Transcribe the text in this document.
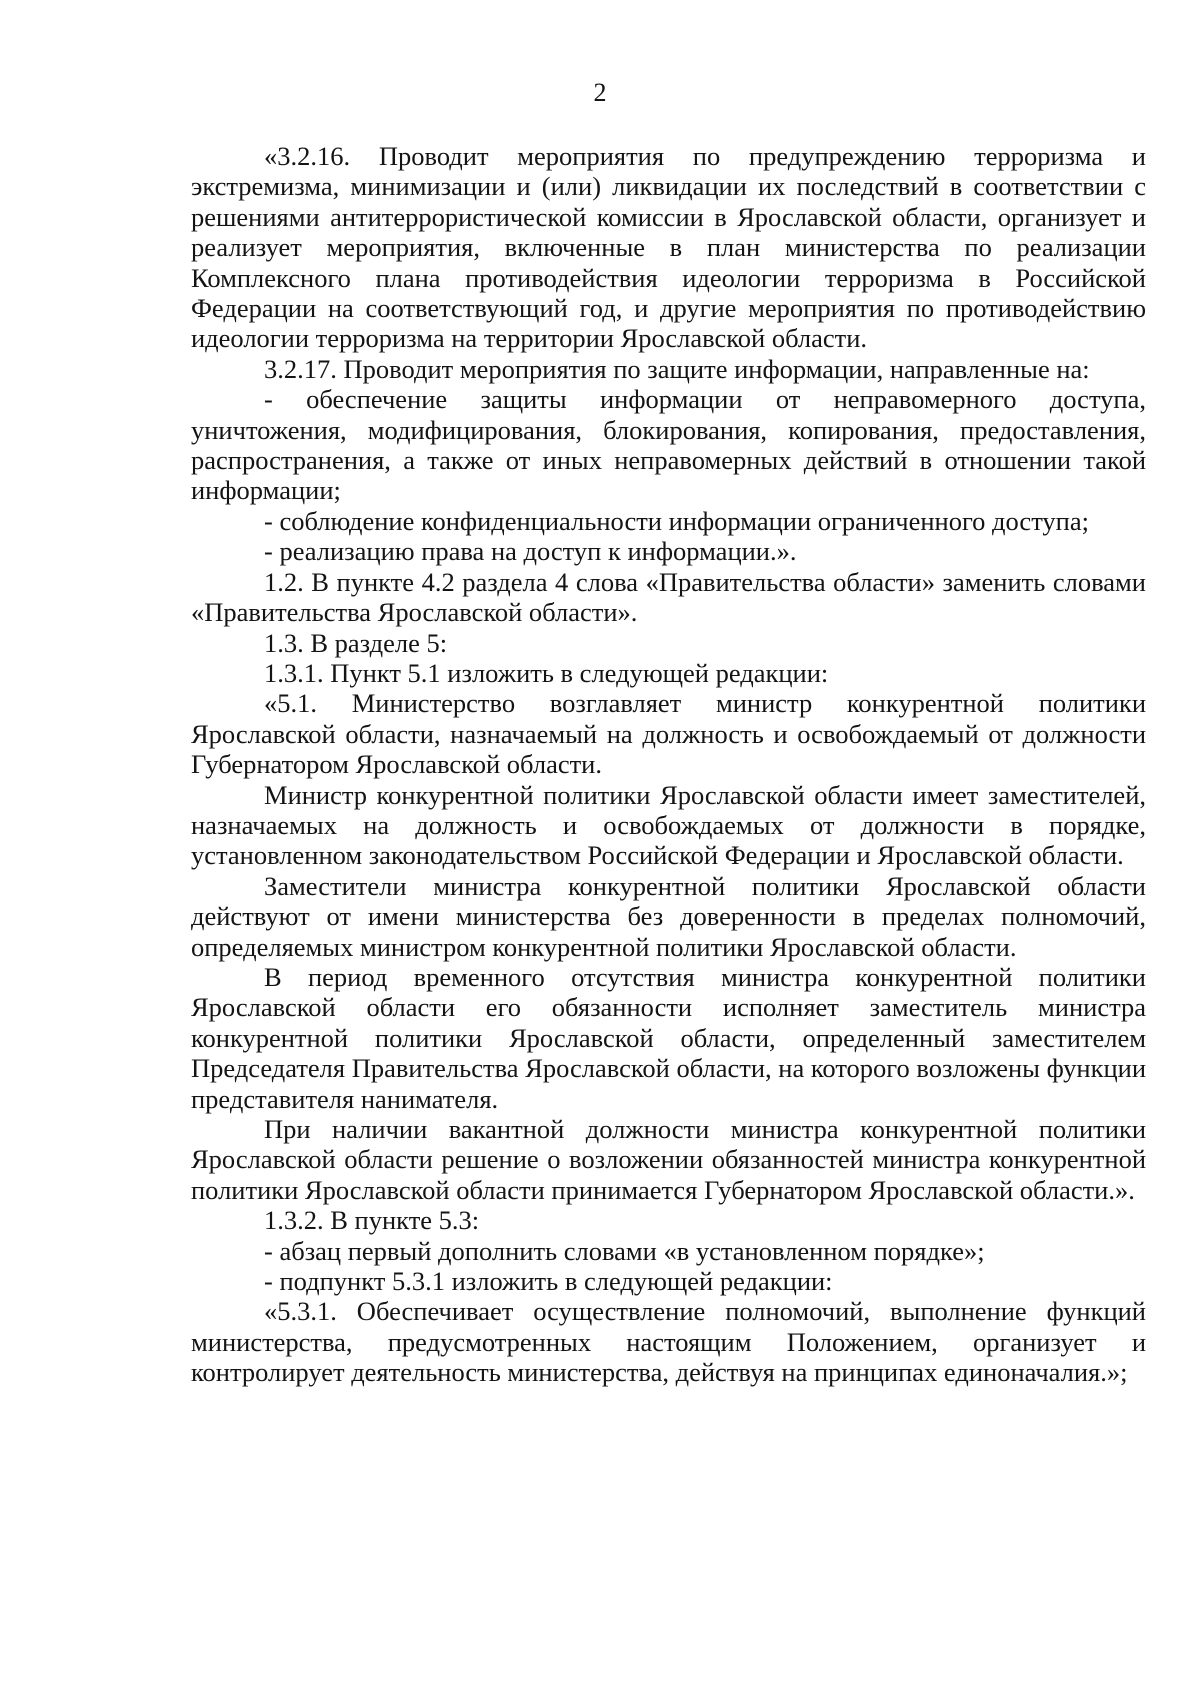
2

«3.2.16. Проводит мероприятия по предупреждению терроризма и экстремизма, минимизации и (или) ликвидации их последствий в соответствии с решениями антитеррористической комиссии в Ярославской области, организует и реализует мероприятия, включенные в план министерства по реализации Комплексного плана противодействия идеологии терроризма в Российской Федерации на соответствующий год, и другие мероприятия по противодействию идеологии терроризма на территории Ярославской области.

3.2.17. Проводит мероприятия по защите информации, направленные на:

- обеспечение защиты информации от неправомерного доступа, уничтожения, модифицирования, блокирования, копирования, предоставления, распространения, а также от иных неправомерных действий в отношении такой информации;

- соблюдение конфиденциальности информации ограниченного доступа;

- реализацию права на доступ к информации.».

1.2. В пункте 4.2 раздела 4 слова «Правительства области» заменить словами «Правительства Ярославской области».

1.3. В разделе 5:

1.3.1. Пункт 5.1 изложить в следующей редакции:

«5.1. Министерство возглавляет министр конкурентной политики Ярославской области, назначаемый на должность и освобождаемый от должности Губернатором Ярославской области.

Министр конкурентной политики Ярославской области имеет заместителей, назначаемых на должность и освобождаемых от должности в порядке, установленном законодательством Российской Федерации и Ярославской области.

Заместители министра конкурентной политики Ярославской области действуют от имени министерства без доверенности в пределах полномочий, определяемых министром конкурентной политики Ярославской области.

В период временного отсутствия министра конкурентной политики Ярославской области его обязанности исполняет заместитель министра конкурентной политики Ярославской области, определенный заместителем Председателя Правительства Ярославской области, на которого возложены функции представителя нанимателя.

При наличии вакантной должности министра конкурентной политики Ярославской области решение о возложении обязанностей министра конкурентной политики Ярославской области принимается Губернатором Ярославской области.».

1.3.2. В пункте 5.3:

- абзац первый дополнить словами «в установленном порядке»;

- подпункт 5.3.1 изложить в следующей редакции:

«5.3.1. Обеспечивает осуществление полномочий, выполнение функций министерства, предусмотренных настоящим Положением, организует и контролирует деятельность министерства, действуя на принципах единоначалия.»;
